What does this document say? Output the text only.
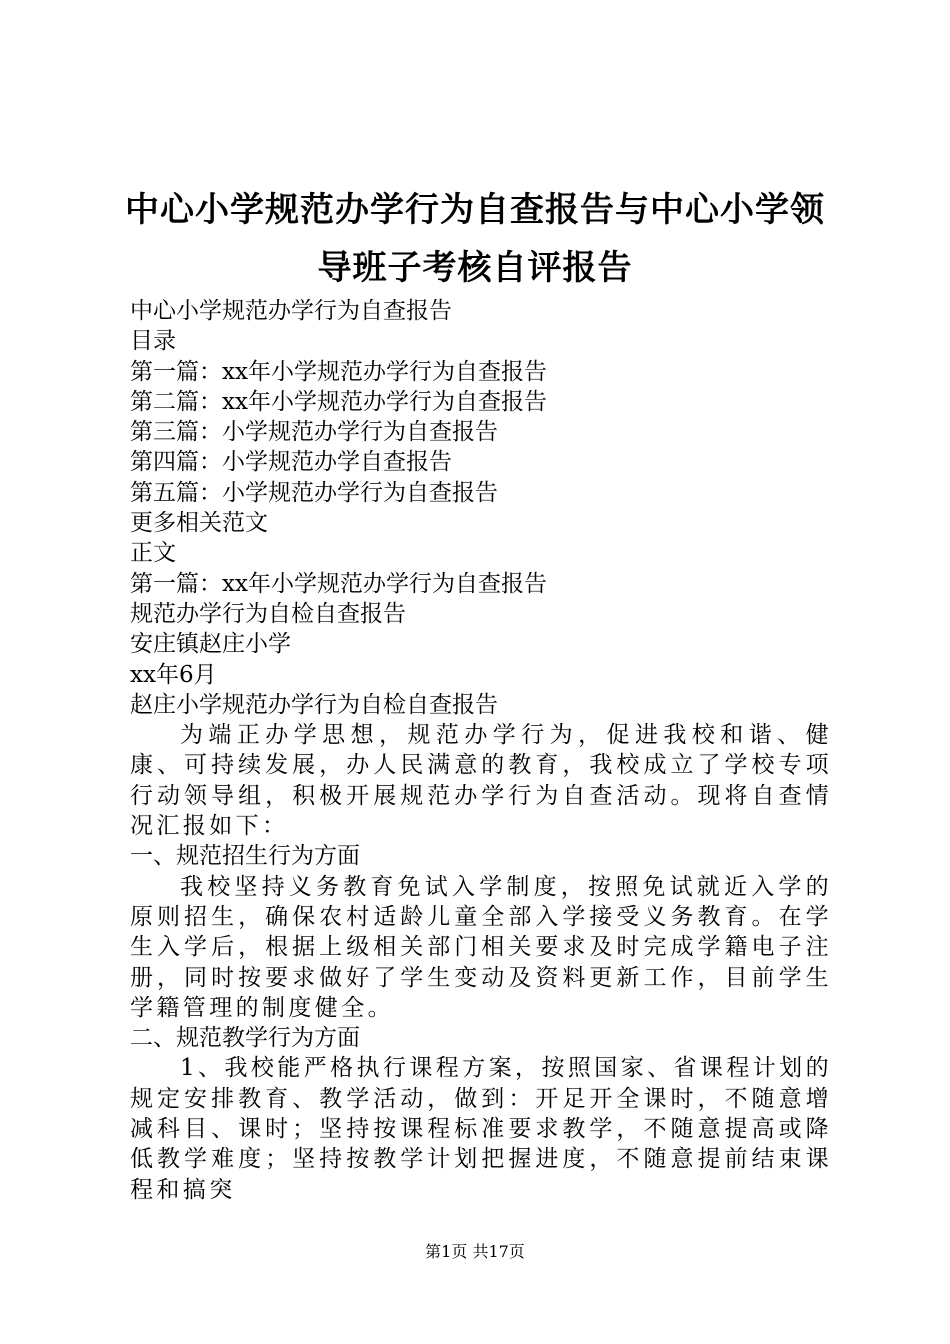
中心小学规范办学行为自查报告与中心小学领
导班子考核自评报告

中心小学规范办学行为自查报告

目录

第一篇：xx年小学规范办学行为自查报告

第二篇：xx年小学规范办学行为自查报告

第三篇：小学规范办学行为自查报告

第四篇：小学规范办学自查报告

第五篇：小学规范办学行为自查报告

更多相关范文

正文

第一篇：xx年小学规范办学行为自查报告

规范办学行为自检自查报告

安庄镇赵庄小学

xx年6月

赵庄小学规范办学行为自检自查报告

为端正办学思想，规范办学行为，促进我校和谐、健康、可持续发展，办人民满意的教育，我校成立了学校专项行动领导组，积极开展规范办学行为自查活动。现将自查情况汇报如下：

一、规范招生行为方面

我校坚持义务教育免试入学制度，按照免试就近入学的原则招生，确保农村适龄儿童全部入学接受义务教育。在学生入学后，根据上级相关部门相关要求及时完成学籍电子注册，同时按要求做好了学生变动及资料更新工作，目前学生学籍管理的制度健全。

二、规范教学行为方面

1、我校能严格执行课程方案，按照国家、省课程计划的规定安排教育、教学活动，做到：开足开全课时，不随意增减科目、课时；坚持按课程标准要求教学，不随意提高或降低教学难度；坚持按教学计划把握进度，不随意提前结束课程和搞突

第1页 共17页
